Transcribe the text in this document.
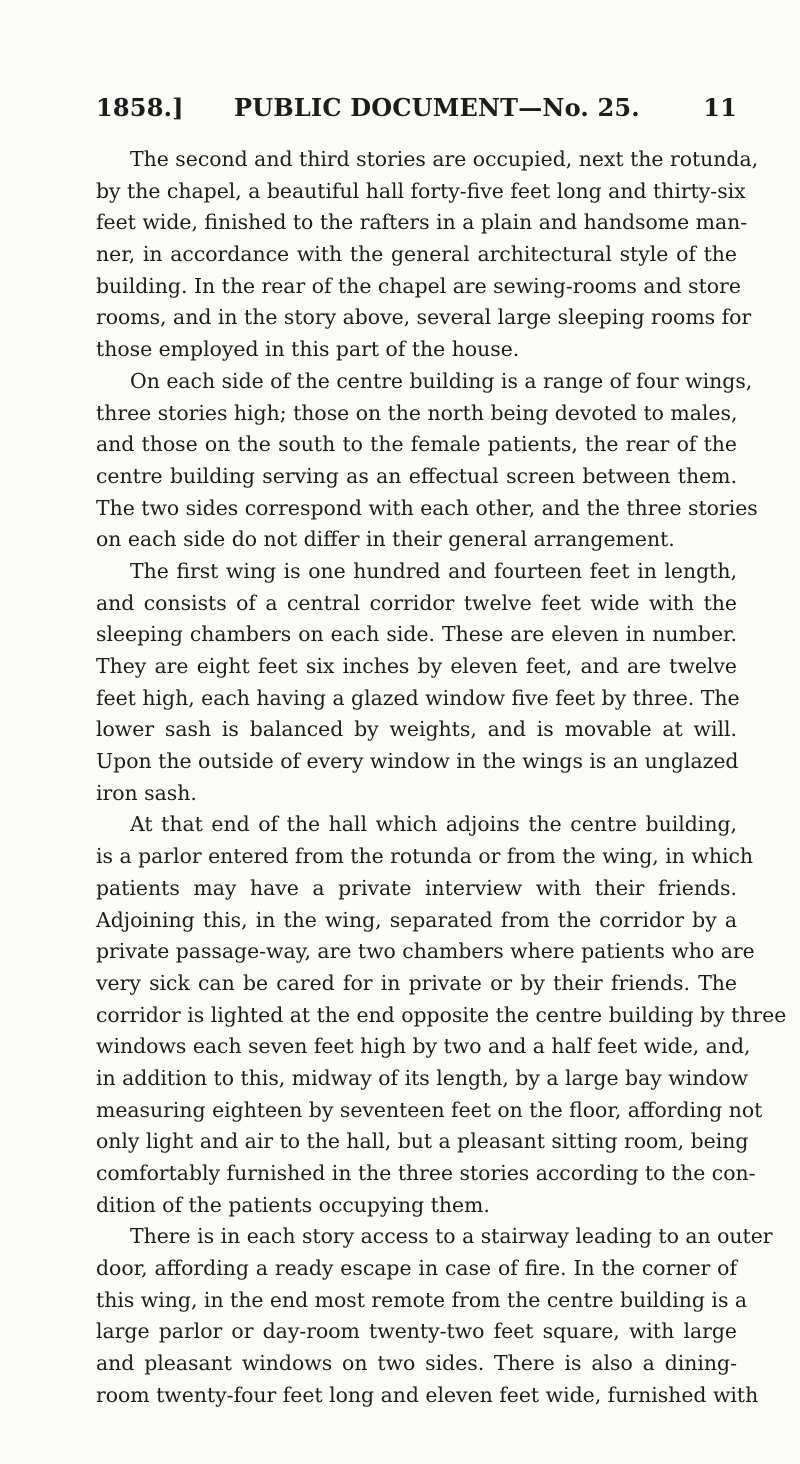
1858.] PUBLIC DOCUMENT—No. 25.	11
The second and third stories are occupied, next the rotunda,
by the chapel, a beautiful hall forty-five feet long and thirty-six
feet wide, finished to the rafters in a plain and handsome man-
ner, in accordance with the general architectural style of the
building. In the rear of the chapel are sewing-rooms and store
rooms, and in the story above, several large sleeping rooms for
those employed in this part of the house.
On each side of the centre building is a range of four wings,
three stories high; those on the north being devoted to males,
and those on the south to the female patients, the rear of the
centre building serving as an effectual screen between them.
The two sides correspond with each other, and the three stories
on each side do not differ in their general arrangement.
The first wing is one hundred and fourteen feet in length,
and consists of a central corridor twelve feet wide with the
sleeping chambers on each side. These are eleven in number.
They are eight feet six inches by eleven feet, and are twelve
feet high, each having a glazed window five feet by three. The
lower sash is balanced by weights, and is movable at will.
Upon the outside of every window in the wings is an unglazed
iron sash.
At that end of the hall which adjoins the centre building,
is a parlor entered from the rotunda or from the wing, in which
patients may have a private interview with their friends.
Adjoining this, in the wing, separated from the corridor by a
private passage-way, are two chambers where patients who are
very sick can be cared for in private or by their friends. The
corridor is lighted at the end opposite the centre building by three
windows each seven feet high by two and a half feet wide, and,
in addition to this, midway of its length, by a large bay window
measuring eighteen by seventeen feet on the floor, affording not
only light and air to the hall, but a pleasant sitting room, being
comfortably furnished in the three stories according to the con-
dition of the patients occupying them.
There is in each story access to a stairway leading to an outer
door, affording a ready escape in case of fire. In the corner of
this wing, in the end most remote from the centre building is a
large parlor or day-room twenty-two feet square, with large
and pleasant windows on two sides. There is also a dining-
room twenty-four feet long and eleven feet wide, furnished with
